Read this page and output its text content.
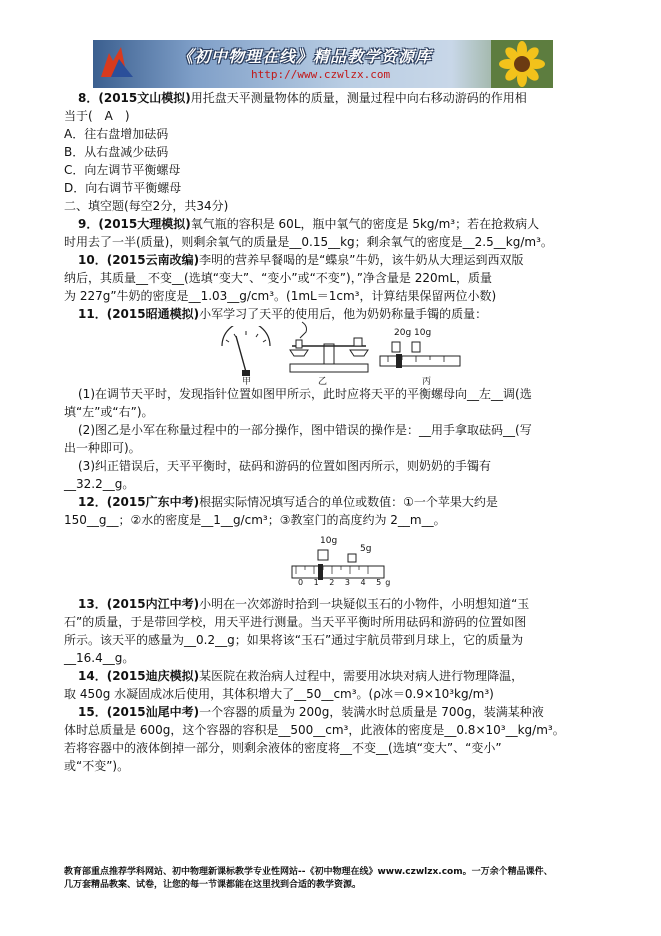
《初中物理在线》精品教学资源库
http://www.czwlzx.com
8．(2015文山模拟)用托盘天平测量物体的质量，测量过程中向右移动游码的作用相
当于(　A　)
A．往右盘增加砝码
B．从右盘减少砝码
C．向左调节平衡螺母
D．向右调节平衡螺母
二、填空题(每空2分，共34分)
9．(2015大理模拟)氧气瓶的容积是 60L，瓶中氧气的密度是 5kg/m³；若在抢救病人
时用去了一半(质量)，则剩余氧气的质量是__0.15__kg；剩余氧气的密度是__2.5__kg/m³。
10．(2015云南改编)李明的营养早餐喝的是“蝶泉”牛奶，该牛奶从大理运到西双版
纳后，其质量__不变__(选填“变大”、“变小”或“不变”)，”净含量是 220mL，质量
为 227g”牛奶的密度是__1.03__g/cm³。(1mL＝1cm³，计算结果保留两位小数)
11．(2015昭通模拟)小军学习了天平的使用后，他为奶奶称量手镯的质量：
甲	乙
20g 10g
丙
(1)在调节天平时，发现指针位置如图甲所示，此时应将天平的平衡螺母向__左__调(选
填“左”或“右”)。
(2)图乙是小军在称量过程中的一部分操作，图中错误的操作是：__用手拿取砝码__(写
出一种即可)。
(3)纠正错误后，天平平衡时，砝码和游码的位置如图丙所示，则奶奶的手镯有
__32.2__g。
12．(2015广东中考)根据实际情况填写适合的单位或数值：①一个苹果大约是
150__g__；②水的密度是__1__g/cm³；③教室门的高度约为 2__m__。
10g
5g
0 1 2 3 4 5g
13．(2015内江中考)小明在一次郊游时拾到一块疑似玉石的小物件，小明想知道“玉
石”的质量，于是带回学校，用天平进行测量。当天平平衡时所用砝码和游码的位置如图
所示。该天平的感量为__0.2__g；如果将该“玉石”通过宇航员带到月球上，它的质量为
__16.4__g。
14．(2015迪庆模拟)某医院在救治病人过程中，需要用冰块对病人进行物理降温，
取 450g 水凝固成冰后使用，其体积增大了__50__cm³。(ρ冰＝0.9×10³kg/m³)
15．(2015汕尾中考)一个容器的质量为 200g，装满水时总质量是 700g，装满某种液
体时总质量是 600g，这个容器的容积是__500__cm³，此液体的密度是__0.8×10³__kg/m³。
若将容器中的液体倒掉一部分，则剩余液体的密度将__不变__(选填“变大”、“变小”
或“不变”)。
教育部重点推荐学科网站、初中物理新课标教学专业性网站--《初中物理在线》www.czwlzx.com。一万余个精品课件、
几万套精品教案、试卷，让您的每一节课都能在这里找到合适的教学资源。
